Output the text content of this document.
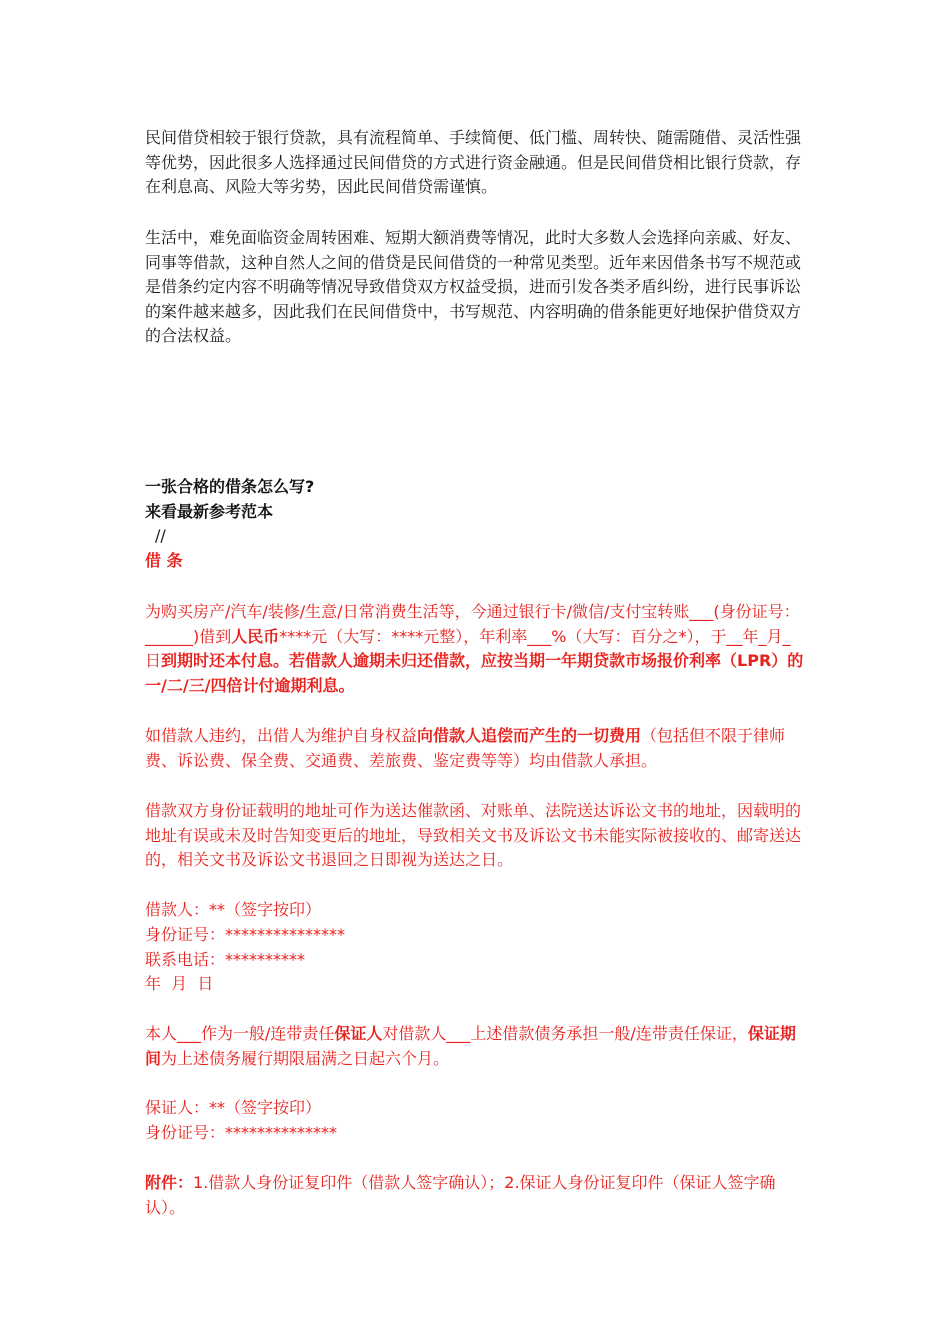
民间借贷相较于银行贷款，具有流程简单、手续简便、低门槛、周转快、随需随借、灵活性强等优势，因此很多人选择通过民间借贷的方式进行资金融通。但是民间借贷相比银行贷款，存在利息高、风险大等劣势，因此民间借贷需谨慎。

生活中，难免面临资金周转困难、短期大额消费等情况，此时大多数人会选择向亲戚、好友、同事等借款，这种自然人之间的借贷是民间借贷的一种常见类型。近年来因借条书写不规范或是借条约定内容不明确等情况导致借贷双方权益受损，进而引发各类矛盾纠纷，进行民事诉讼的案件越来越多，因此我们在民间借贷中，书写规范、内容明确的借条能更好地保护借贷双方的合法权益。

一张合格的借条怎么写?

来看最新参考范本

//

借 条

为购买房产/汽车/装修/生意/日常消费生活等，今通过银行卡/微信/支付宝转账___(身份证号：______)借到人民币****元（大写：****元整），年利率___%（大写：百分之*），于__年_月_日到期时还本付息。若借款人逾期未归还借款，应按当期一年期贷款市场报价利率（LPR）的一/二/三/四倍计付逾期利息。

如借款人违约，出借人为维护自身权益向借款人追偿而产生的一切费用（包括但不限于律师费、诉讼费、保全费、交通费、差旅费、鉴定费等等）均由借款人承担。

借款双方身份证载明的地址可作为送达催款函、对账单、法院送达诉讼文书的地址，因载明的地址有误或未及时告知变更后的地址，导致相关文书及诉讼文书未能实际被接收的、邮寄送达的，相关文书及诉讼文书退回之日即视为送达之日。

借款人：**（签字按印）

身份证号：***************

联系电话：**********

年  月  日

本人___作为一般/连带责任保证人对借款人___上述借款债务承担一般/连带责任保证，保证期间为上述债务履行期限届满之日起六个月。

保证人：**（签字按印）

身份证号：**************

附件：1.借款人身份证复印件（借款人签字确认）；2.保证人身份证复印件（保证人签字确认）。
